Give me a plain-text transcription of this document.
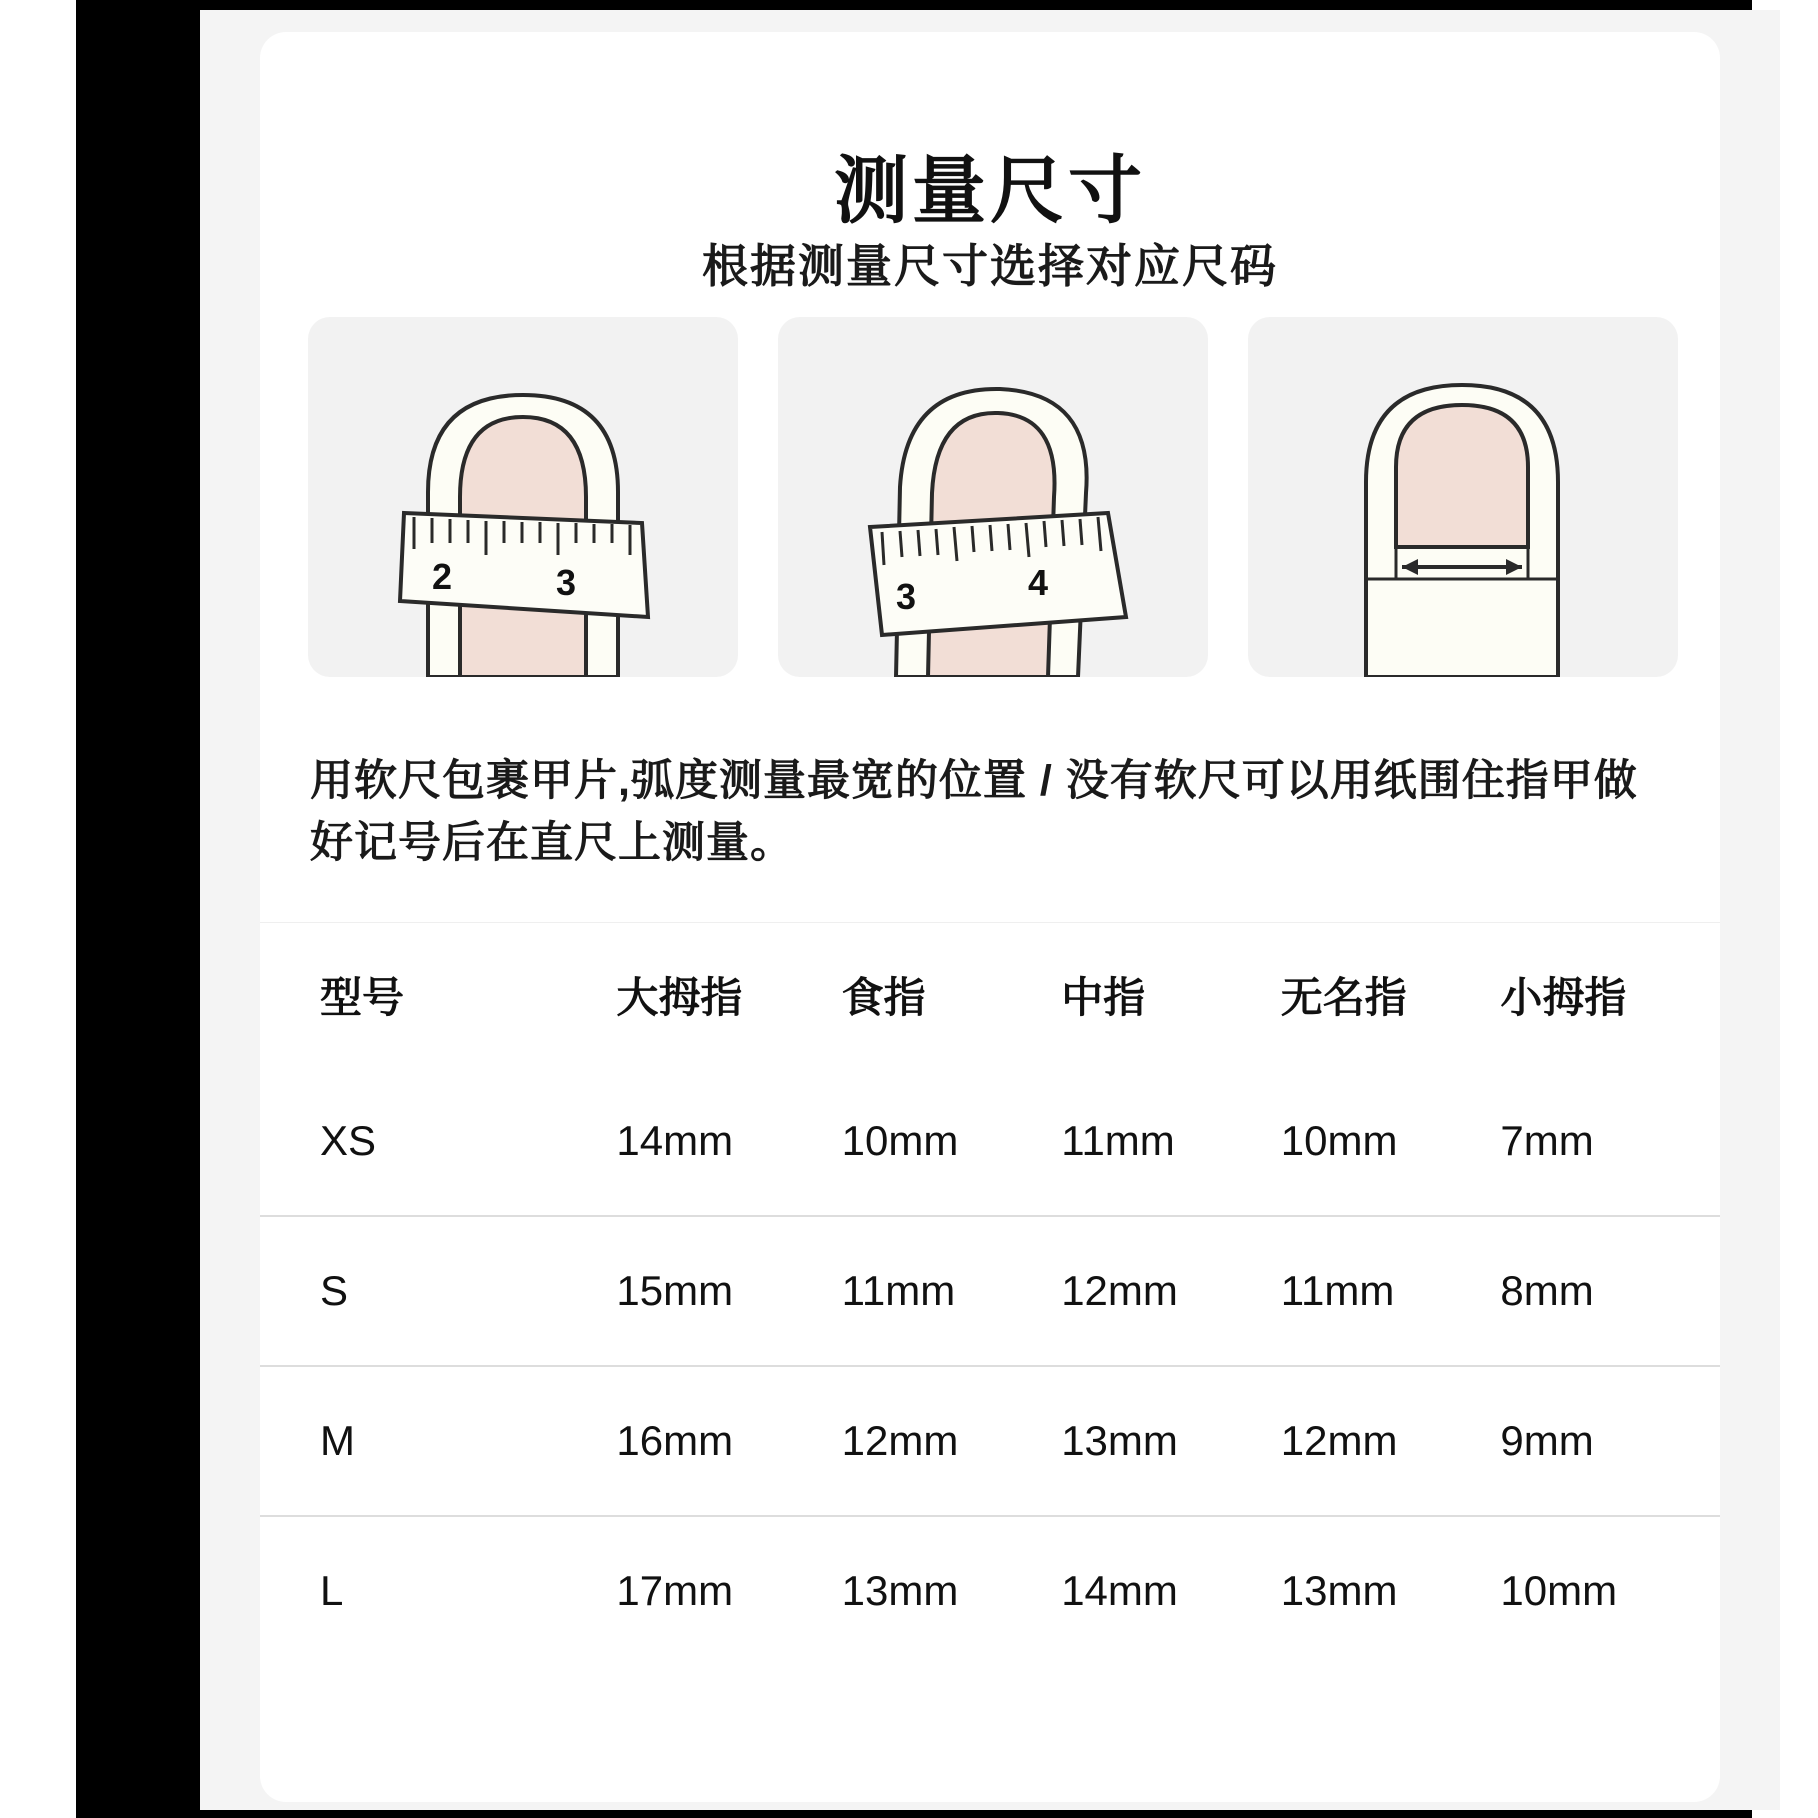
测量尺寸
根据测量尺寸选择对应尺码
2	3	3	4
用软尺包裹甲片,弧度测量最宽的位置 / 没有软尺可以用纸围住指甲做好记号后在直尺上测量。
型号	大拇指	食指	中指	无名指	小拇指
XS	14mm	10mm	11mm	10mm	7mm
S	15mm	11mm	12mm	11mm	8mm
M	16mm	12mm	13mm	12mm	9mm
L	17mm	13mm	14mm	13mm	10mm
